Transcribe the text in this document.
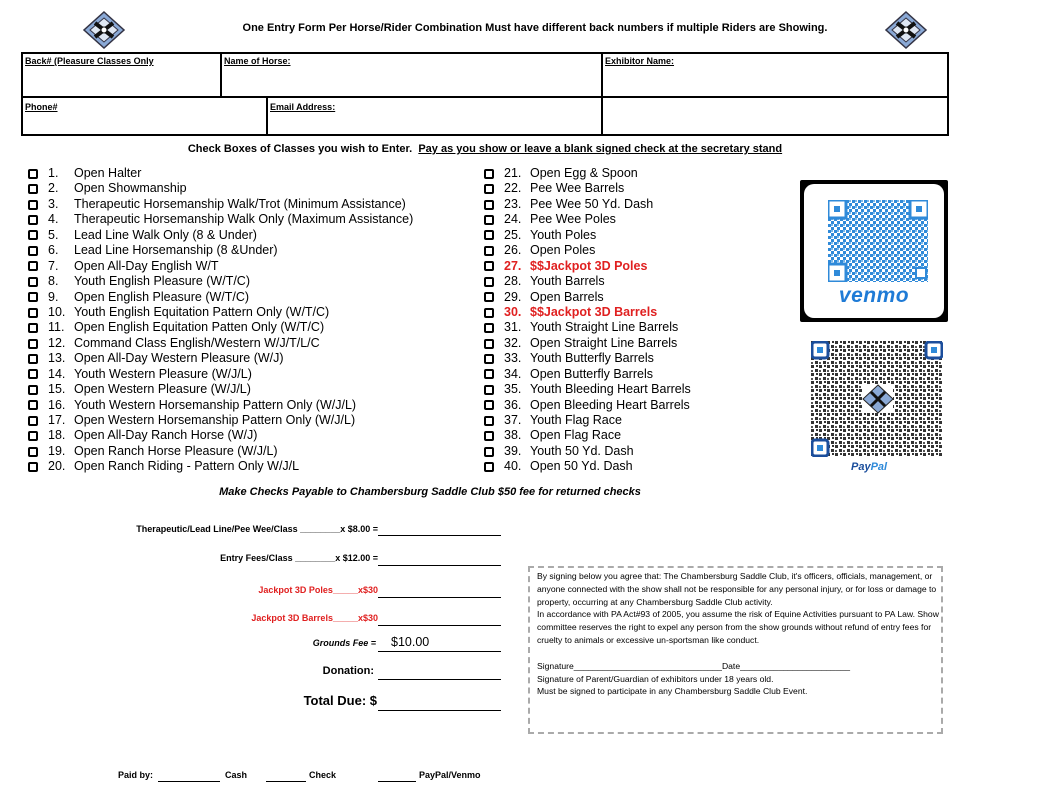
One Entry Form Per Horse/Rider Combination Must have different back numbers if multiple Riders are Showing.
Back# (Pleasure Classes Only	Name of Horse:	Exhibitor Name:
Phone#	Email Address:
Check Boxes of Classes you wish to Enter. Pay as you show or leave a blank signed check at the secretary stand
1.	Open Halter
2.	Open Showmanship
3.	Therapeutic Horsemanship Walk/Trot (Minimum Assistance)
4.	Therapeutic Horsemanship Walk Only (Maximum Assistance)
5.	Lead Line Walk Only (8 & Under)
6.	Lead Line Horsemanship (8 &Under)
7.	Open All-Day English W/T
8.	Youth English Pleasure (W/T/C)
9.	Open English Pleasure (W/T/C)
10. Youth English Equitation Pattern Only (W/T/C)
11. Open English Equitation Patten Only (W/T/C)
12. Command Class English/Western W/J/T/L/C
13. Open All-Day Western Pleasure (W/J)
14. Youth Western Pleasure (W/J/L)
15. Open Western Pleasure (W/J/L)
16. Youth Western Horsemanship Pattern Only (W/J/L)
17. Open Western Horsemanship Pattern Only (W/J/L)
18. Open All-Day Ranch Horse (W/J)
19. Open Ranch Horse Pleasure (W/J/L)
20. Open Ranch Riding - Pattern Only W/J/L
21. Open Egg & Spoon
22. Pee Wee Barrels
23. Pee Wee 50 Yd. Dash
24. Pee Wee Poles
25. Youth Poles
26. Open Poles
27. $$Jackpot 3D Poles
28. Youth Barrels
29. Open Barrels
30. $$Jackpot 3D Barrels
31. Youth Straight Line Barrels
32. Open Straight Line Barrels
33. Youth Butterfly Barrels
34. Open Butterfly Barrels
35. Youth Bleeding Heart Barrels
36. Open Bleeding Heart Barrels
37. Youth Flag Race
38. Open Flag Race
39. Youth 50 Yd. Dash
40. Open 50 Yd. Dash
venmo
PayPal
Make Checks Payable to Chambersburg Saddle Club $50 fee for returned checks
Therapeutic/Lead Line/Pee Wee/Class ________x $8.00 =
Entry Fees/Class ________x $12.00 =
Jackpot 3D Poles_____x$30
Jackpot 3D Barrels_____x$30
Grounds Fee = $10.00
Donation:
Total Due: $
By signing below you agree that: The Chambersburg Saddle Club, it's officers, officials, management, or anyone connected with the show shall not be responsible for any personal injury, or for loss or damage to property, occurring at any Chambersburg Saddle Club activity.
In accordance with PA Act#93 of 2005, you assume the risk of Equine Activities pursuant to PA Law. Show committee reserves the right to expel any person from the show grounds without refund of entry fees for cruelty to animals or excessive un-sportsman like conduct.
Signature_______________________________Date_______________________
Signature of Parent/Guardian of exhibitors under 18 years old.
Must be signed to participate in any Chambersburg Saddle Club Event.
Paid by:	Cash	Check	PayPal/Venmo
